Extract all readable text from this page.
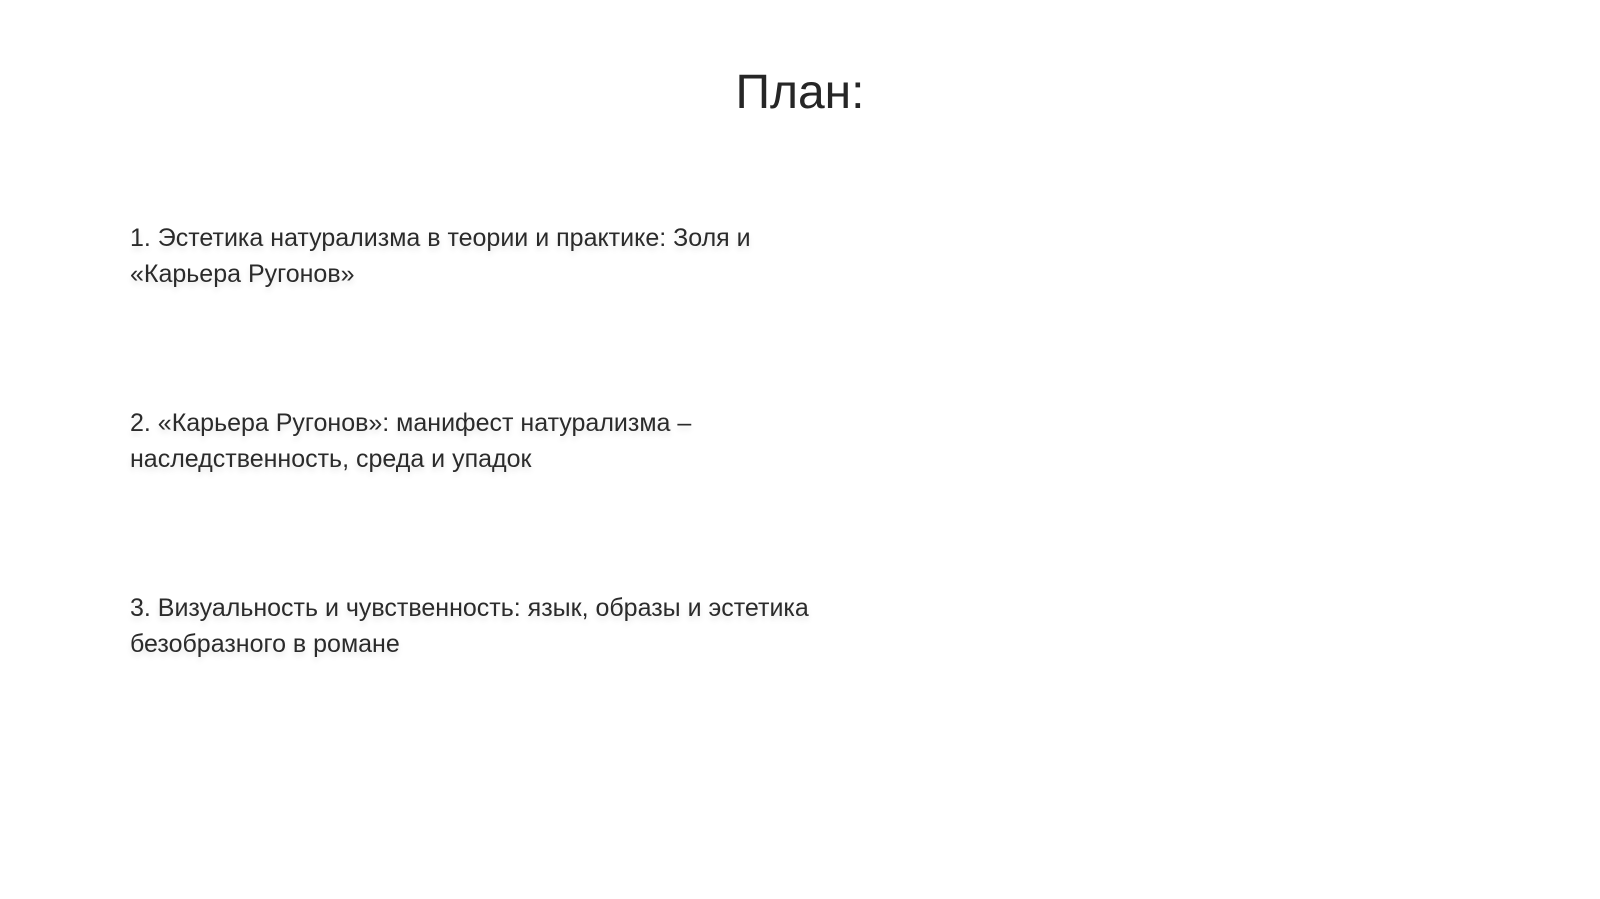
План:
1. Эстетика натурализма в теории и практике: Золя и «Карьера Ругонов»
2. «Карьера Ругонов»: манифест натурализма – наследственность, среда и упадок
3. Визуальность и чувственность: язык, образы и эстетика безобразного в романе
